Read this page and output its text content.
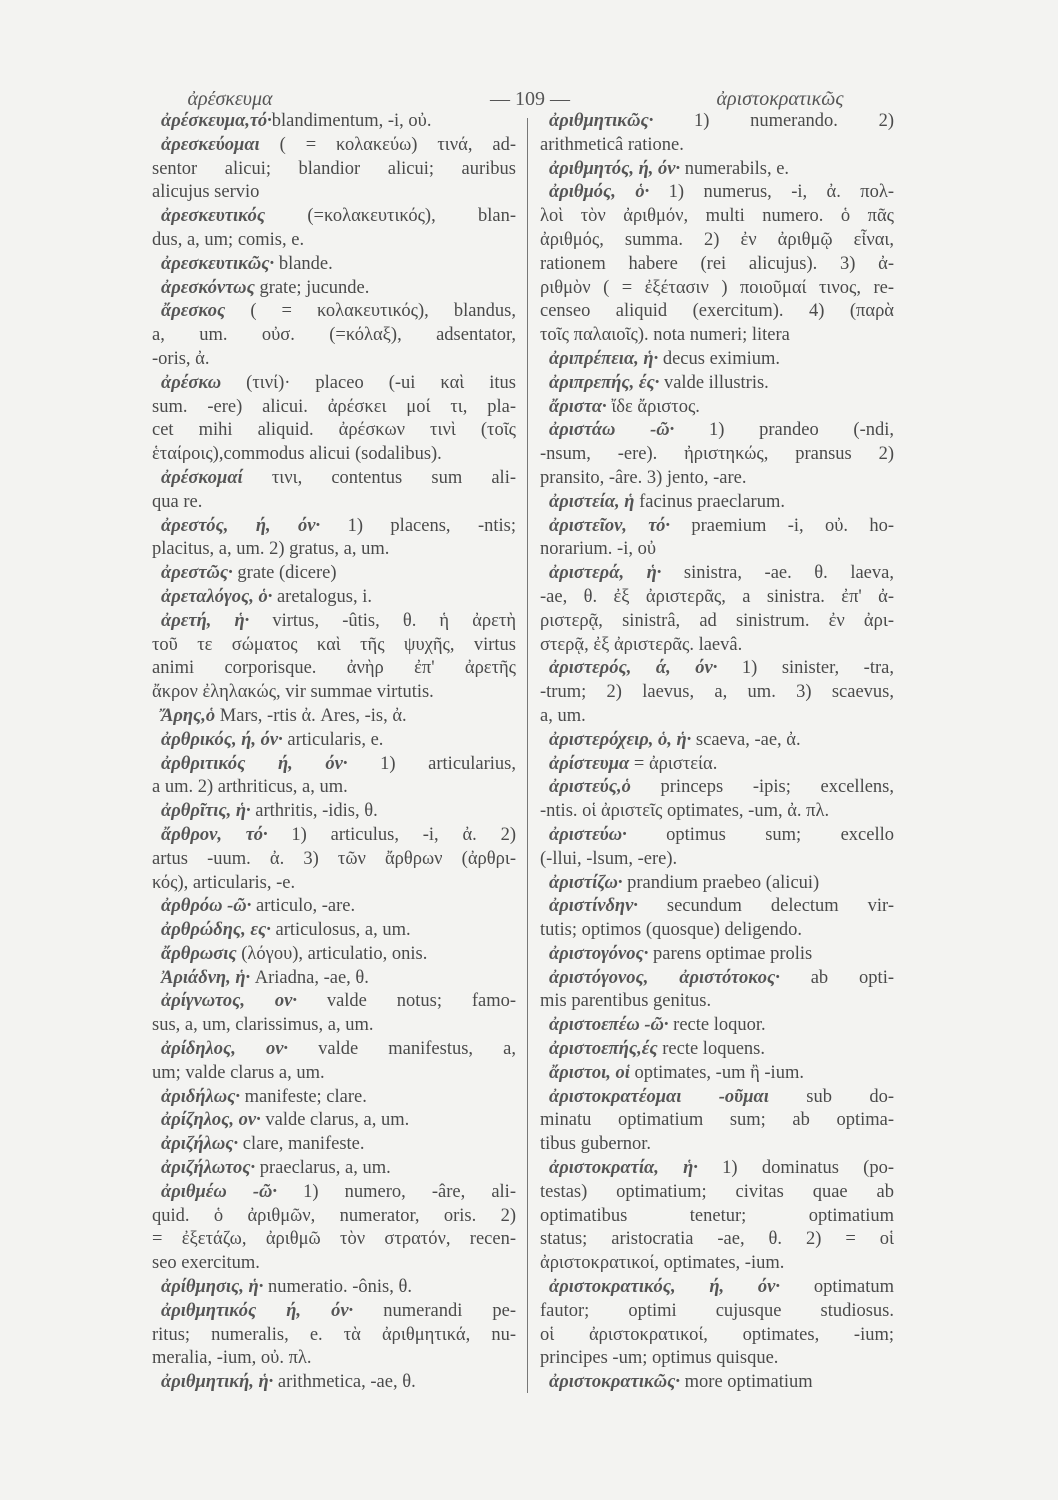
ἀρέσκευμα	— 109 —	ἀριστοκρατικῶς
ἀρέσκευμα,τό·blandimentum, -i, οὐ.
ἀρεσκεύομαι ( = κολακεύω) τινά, ad-
sentor alicui; blandior alicui; auribus
alicujus servio
ἀρεσκευτικός (=κολακευτικός), blan-
dus, a, um; comis, e.
ἀρεσκευτικῶς· blande.
ἀρεσκόντως grate; jucunde.
ἄρεσκος ( = κολακευτικός), blandus,
a, um. οὐσ. (=κόλαξ), adsentator,
-oris, ἀ.
ἀρέσκω (τινί)· placeo (-ui καὶ itus
sum. -ere) alicui. ἀρέσκει μοί τι, pla-
cet mihi aliquid. ἀρέσκων τινὶ (τοῖς
ἑταίροις),commodus alicui (sodalibus).
ἀρέσκομαί τινι, contentus sum ali-
qua re.
ἀρεστός, ή, όν· 1) placens, -ntis;
placitus, a, um. 2) gratus, a, um.
ἀρεστῶς· grate (dicere)
ἀρεταλόγος, ὁ· aretalogus, i.
ἀρετή, ἡ· virtus, -ûtis, θ. ἡ ἀρετὴ
τοῦ τε σώματος καὶ τῆς ψυχῆς, virtus
animi corporisque. ἀνὴρ ἐπ' ἀρετῆς
ἄκρον ἐληλακώς, vir summae virtutis.
Ἄρης,ὁ Mars, -rtis ἀ. Ares, -is, ἀ.
ἀρθρικός, ή, όν· articularis, e.
ἀρθριτικός ή, όν· 1) articularius,
a um. 2) arthriticus, a, um.
ἀρθρῖτις, ἡ· arthritis, -idis, θ.
ἄρθρον, τό· 1) articulus, -i, ἀ. 2)
artus -uum. ἀ. 3) τῶν ἄρθρων (ἀρθρι-
κός), articularis, -e.
ἀρθρόω -ῶ· articulo, -are.
ἀρθρώδης, ες· articulosus, a, um.
ἄρθρωσις (λόγου), articulatio, onis.
Ἀριάδνη, ἡ· Ariadna, -ae, θ.
ἀρίγνωτος, ον· valde notus; famo-
sus, a, um, clarissimus, a, um.
ἀρίδηλος, ον· valde manifestus, a,
um; valde clarus a, um.
ἀριδήλως· manifeste; clare.
ἀρίζηλος, ον· valde clarus, a, um.
ἀριζήλως· clare, manifeste.
ἀριζήλωτος· praeclarus, a, um.
ἀριθμέω -ῶ· 1) numero, -âre, ali-
quid. ὁ ἀριθμῶν, numerator, oris. 2)
= ἐξετάζω, ἀριθμῶ τὸν στρατόν, recen-
seo exercitum.
ἀρίθμησις, ἡ· numeratio. -ônis, θ.
ἀριθμητικός ή, όν· numerandi pe-
ritus; numeralis, e. τὰ ἀριθμητικά, nu-
meralia, -ium, οὐ. πλ.
ἀριθμητική, ἡ· arithmetica, -ae, θ.
ἀριθμητικῶς· 1) numerando. 2)
arithmeticâ ratione.
ἀριθμητός, ή, όν· numerabils, e.
ἀριθμός, ὁ· 1) numerus, -i, ἀ. πολ-
λοὶ τὸν ἀριθμόν, multi numero. ὁ πᾶς
ἀριθμός, summa. 2) ἐν ἀριθμῷ εἶναι,
rationem habere (rei alicujus). 3) ἀ-
ριθμὸν ( = ἐξέτασιν ) ποιοῦμαί τινος, re-
censeo aliquid (exercitum). 4) (παρὰ
τοῖς παλαιοῖς). nota numeri; litera
ἀριπρέπεια, ἡ· decus eximium.
ἀριπρεπής, ές· valde illustris.
ἄριστα· ἴδε ἄριστος.
ἀριστάω -ῶ· 1) prandeo (-ndi,
-nsum, -ere). ἠριστηκώς, pransus 2)
pransito, -âre. 3) jento, -are.
ἀριστεία, ἡ facinus praeclarum.
ἀριστεῖον, τό· praemium -i, οὐ. ho-
norarium. -i, οὐ
ἀριστερά, ἡ· sinistra, -ae. θ. laeva,
-ae, θ. ἐξ ἀριστερᾶς, a sinistra. ἐπ' ἀ-
ριστερᾷ, sinistrâ, ad sinistrum. ἐν ἀρι-
στερᾷ, ἐξ ἀριστερᾶς. laevâ.
ἀριστερός, ά, όν· 1) sinister, -tra,
-trum; 2) laevus, a, um. 3) scaevus,
a, um.
ἀριστερόχειρ, ὁ, ἡ· scaeva, -ae, ἀ.
ἀρίστευμα = ἀριστεία.
ἀριστεύς,ὁ princeps -ipis; excellens,
-ntis. οἱ ἀριστεῖς optimates, -um, ἀ. πλ.
ἀριστεύω· optimus sum; excello
(-llui, -lsum, -ere).
ἀριστίζω· prandium praebeo (alicui)
ἀριστίνδην· secundum delectum vir-
tutis; optimos (quosque) deligendo.
ἀριστογόνος· parens optimae prolis
ἀριστόγονος, ἀριστότοκος· ab opti-
mis parentibus genitus.
ἀριστοεπέω -ῶ· recte loquor.
ἀριστοεπής,ές recte loquens.
ἄριστοι, οἱ optimates, -um ἢ -ium.
ἀριστοκρατέομαι -οῦμαι sub do-
minatu optimatium sum; ab optima-
tibus gubernor.
ἀριστοκρατία, ἡ· 1) dominatus (po-
testas) optimatium; civitas quae ab
optimatibus tenetur; optimatium
status; aristocratia -ae, θ. 2) = οἱ
ἀριστοκρατικοί, optimates, -ium.
ἀριστοκρατικός, ή, όν· optimatum
fautor; optimi cujusque studiosus.
οἱ ἀριστοκρατικοί, optimates, -ium;
principes -um; optimus quisque.
ἀριστοκρατικῶς· more optimatium
